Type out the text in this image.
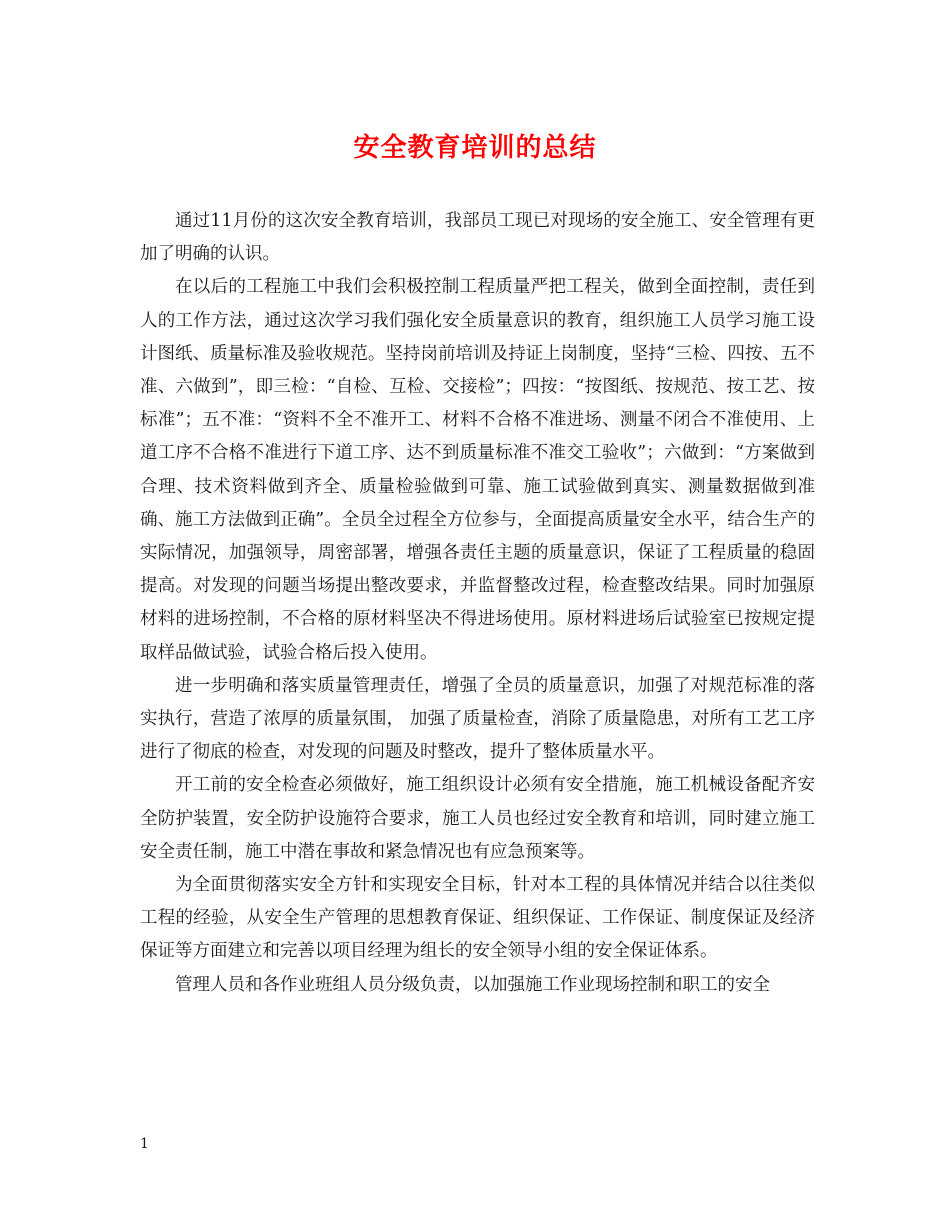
安全教育培训的总结

通过11月份的这次安全教育培训，我部员工现已对现场的安全施工、安全管理有更加了明确的认识。

在以后的工程施工中我们会积极控制工程质量严把工程关，做到全面控制，责任到人的工作方法，通过这次学习我们强化安全质量意识的教育，组织施工人员学习施工设计图纸、质量标准及验收规范。坚持岗前培训及持证上岗制度，坚持“三检、四按、五不准、六做到”，即三检：“自检、互检、交接检”；四按：“按图纸、按规范、按工艺、按标准”；五不准：“资料不全不准开工、材料不合格不准进场、测量不闭合不准使用、上道工序不合格不准进行下道工序、达不到质量标准不准交工验收”；六做到：“方案做到合理、技术资料做到齐全、质量检验做到可靠、施工试验做到真实、测量数据做到准确、施工方法做到正确”。全员全过程全方位参与，全面提高质量安全水平，结合生产的实际情况，加强领导，周密部署，增强各责任主题的质量意识，保证了工程质量的稳固提高。对发现的问题当场提出整改要求，并监督整改过程，检查整改结果。同时加强原材料的进场控制，不合格的原材料坚决不得进场使用。原材料进场后试验室已按规定提取样品做试验，试验合格后投入使用。

进一步明确和落实质量管理责任，增强了全员的质量意识，加强了对规范标准的落实执行，营造了浓厚的质量氛围， 加强了质量检查，消除了质量隐患，对所有工艺工序进行了彻底的检查，对发现的问题及时整改，提升了整体质量水平。

开工前的安全检查必须做好，施工组织设计必须有安全措施，施工机械设备配齐安全防护装置，安全防护设施符合要求，施工人员也经过安全教育和培训，同时建立施工安全责任制，施工中潜在事故和紧急情况也有应急预案等。

为全面贯彻落实安全方针和实现安全目标，针对本工程的具体情况并结合以往类似工程的经验，从安全生产管理的思想教育保证、组织保证、工作保证、制度保证及经济保证等方面建立和完善以项目经理为组长的安全领导小组的安全保证体系。

管理人员和各作业班组人员分级负责，以加强施工作业现场控制和职工的安全

1
